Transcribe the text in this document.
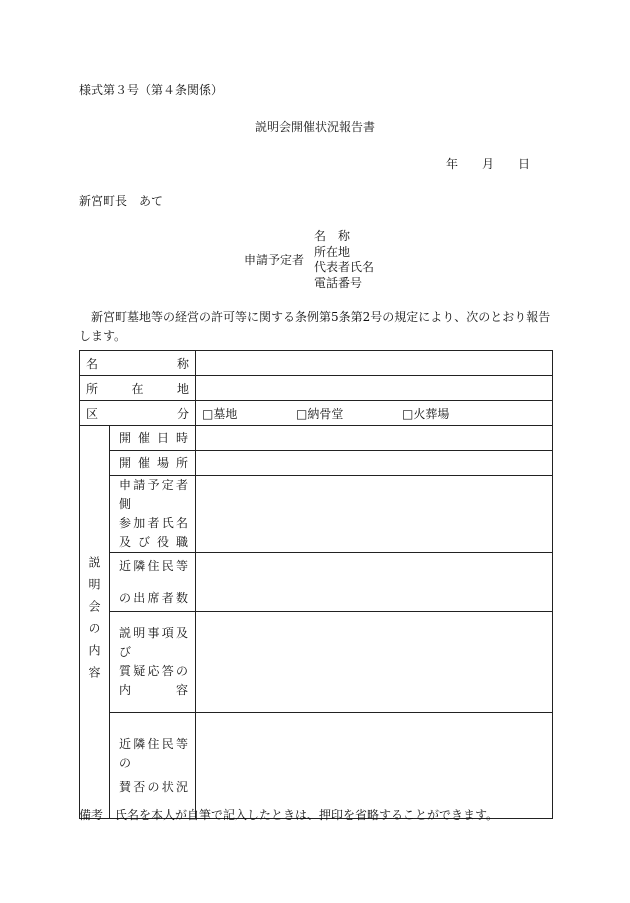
様式第３号（第４条関係）
説明会開催状況報告書
年 月 日
新宮町長　あて
申請予定者
名　称
所在地
代表者氏名
電話番号
新宮町墓地等の経営の許可等に関する条例第5条第2号の規定により、次のとおり報告します。
名　称		

所在地		

区　分		□墓地 □納骨堂 □火葬場

説明会の内容	開催日時	

	開催場所	

	申請予定者側
参加者氏名
及び役職	

	近隣住民等
の出席者数	

	説明事項及び
質疑応答の
内　容	

	近隣住民等の
賛否の状況	

備考　氏名を本人が自筆で記入したときは、押印を省略することができます。
